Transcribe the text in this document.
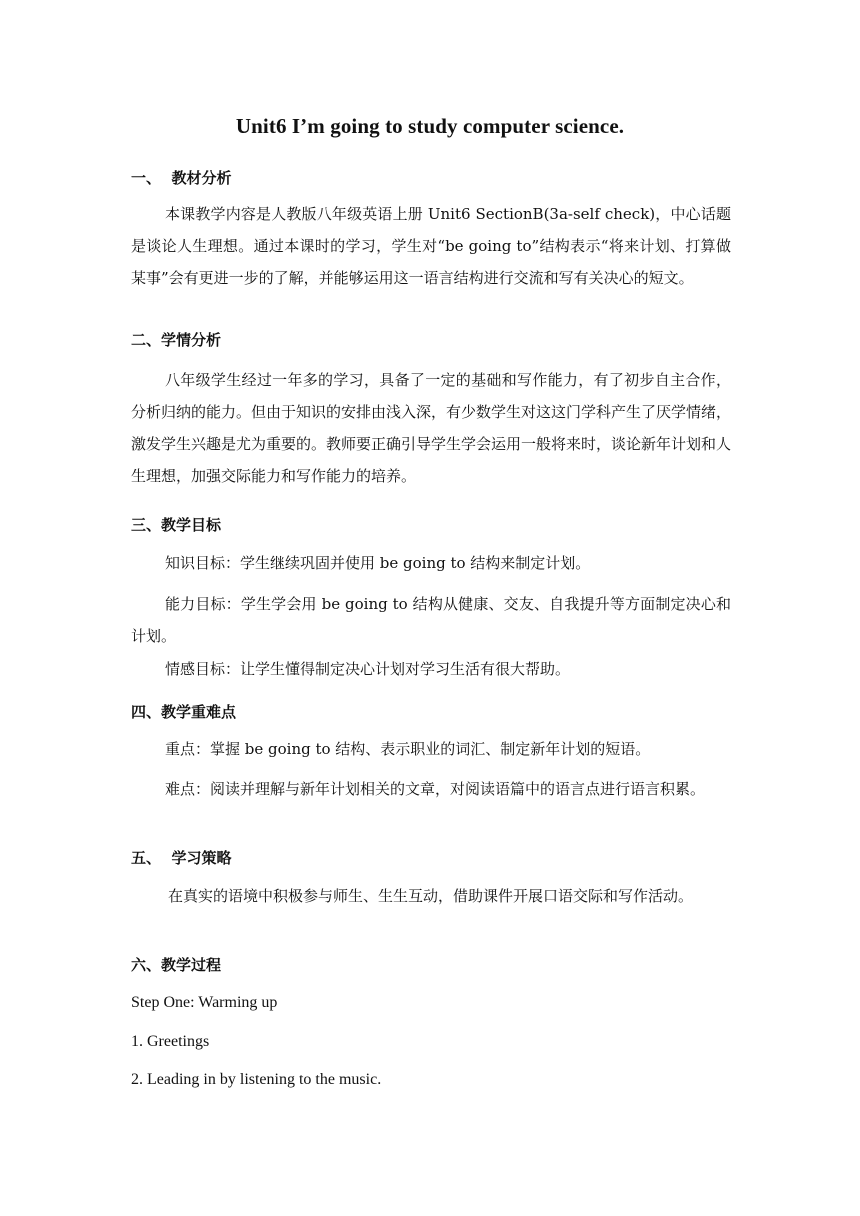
Unit6 I’m going to study computer science.
一、  教材分析
本课教学内容是人教版八年级英语上册 Unit6 SectionB(3a-self check)，中心话题是谈论人生理想。通过本课时的学习，学生对“be going to”结构表示“将来计划、打算做某事”会有更进一步的了解，并能够运用这一语言结构进行交流和写有关决心的短文。
二、学情分析
八年级学生经过一年多的学习，具备了一定的基础和写作能力，有了初步自主合作， 分析归纳的能力。但由于知识的安排由浅入深，有少数学生对这这门学科产生了厌学情绪，激发学生兴趣是尤为重要的。教师要正确引导学生学会运用一般将来时，谈论新年计划和人生理想，加强交际能力和写作能力的培养。
三、教学目标
知识目标：学生继续巩固并使用 be going to 结构来制定计划。
能力目标：学生学会用 be going to 结构从健康、交友、自我提升等方面制定决心和计划。
情感目标：让学生懂得制定决心计划对学习生活有很大帮助。
四、教学重难点
重点：掌握 be going to 结构、表示职业的词汇、制定新年计划的短语。
难点：阅读并理解与新年计划相关的文章，对阅读语篇中的语言点进行语言积累。
五、  学习策略
在真实的语境中积极参与师生、生生互动，借助课件开展口语交际和写作活动。
六、教学过程
Step One: Warming up
1. Greetings
2. Leading in by listening to the music.
